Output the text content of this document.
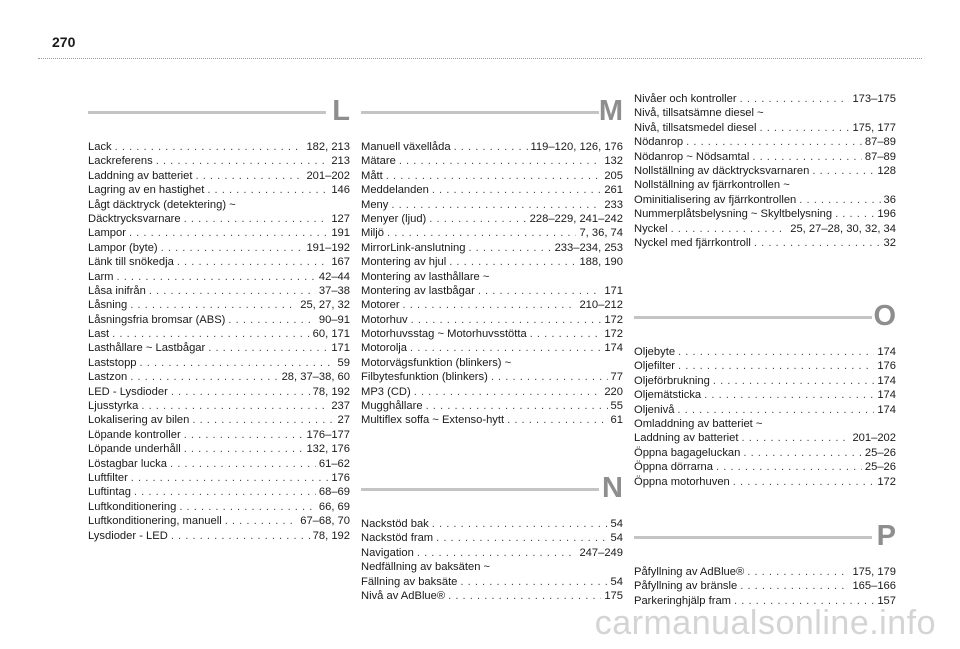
270
L
Lack . . .	182, 213
Lackreferens . . .	213
Laddning av batteriet . . .	201–202
Lagring av en hastighet . . .	146
Lågt däcktryck (detektering) ~
Däcktrycksvarnare . . .	127
Lampor . . .	191
Lampor (byte) . . .	191–192
Länk till snökedja . . .	167
Larm . . .	42–44
Låsa inifrån . . .	37–38
Låsning . . .	25, 27, 32
Låsningsfria bromsar (ABS) . . .	90–91
Last . . .	60, 171
Lasthållare ~ Lastbågar . . .	171
Laststopp . . .	59
Lastzon . . .	28, 37–38, 60
LED - Lysdioder . . .	78, 192
Ljusstyrka . . .	237
Lokalisering av bilen . . .	27
Löpande kontroller . . .	176–177
Löpande underhåll . . .	132, 176
Löstagbar lucka . . .	61–62
Luftfilter . . .	176
Luftintag . . .	68–69
Luftkonditionering . . .	66, 69
Luftkonditionering, manuell . . .	67–68, 70
Lysdioder - LED . . .	78, 192
M
Manuell växellåda . . .	119–120, 126, 176
Mätare . . .	132
Mått . . .	205
Meddelanden . . .	261
Meny . . .	233
Menyer (ljud) . . .	228–229, 241–242
Miljö . . .	7, 36, 74
MirrorLink-anslutning . . .	233–234, 253
Montering av hjul . . .	188, 190
Montering av lasthållare ~
Montering av lastbågar . . .	171
Motorer . . .	210–212
Motorhuv . . .	172
Motorhuvsstag ~ Motorhuvsstötta . . .	172
Motorolja . . .	174
Motorvägsfunktion (blinkers) ~
Filbytesfunktion (blinkers) . . .	77
MP3 (CD) . . .	220
Mugghållare . . .	55
Multiflex soffa ~ Extenso-hytt . . .	61
N
Nackstöd bak . . .	54
Nackstöd fram . . .	54
Navigation . . .	247–249
Nedfällning av baksäten ~
Fällning av baksäte . . .	54
Nivå av AdBlue® . . .	175
Nivåer och kontroller . . .	173–175
Nivå, tillsatsämne diesel ~
Nivå, tillsatsmedel diesel . . .	175, 177
Nödanrop . . .	87–89
Nödanrop ~ Nödsamtal . . .	87–89
Nollställning av däcktrycksvarnaren . . .	128
Nollställning av fjärrkontrollen ~
Ominitialisering av fjärrkontrollen . . .	36
Nummerplåtsbelysning ~ Skyltbelysning . . .	196
Nyckel . . .	25, 27–28, 30, 32, 34
Nyckel med fjärrkontroll . . .	32
O
Oljebyte . . .	174
Oljefilter . . .	176
Oljeförbrukning . . .	174
Oljemätsticka . . .	174
Oljenivå . . .	174
Omladdning av batteriet ~
Laddning av batteriet . . .	201–202
Öppna bagageluckan . . .	25–26
Öppna dörrarna . . .	25–26
Öppna motorhuven . . .	172
P
Påfyllning av AdBlue® . . .	175, 179
Påfyllning av bränsle . . .	165–166
Parkeringhjälp fram . . .	157
carmanualsonline.info
